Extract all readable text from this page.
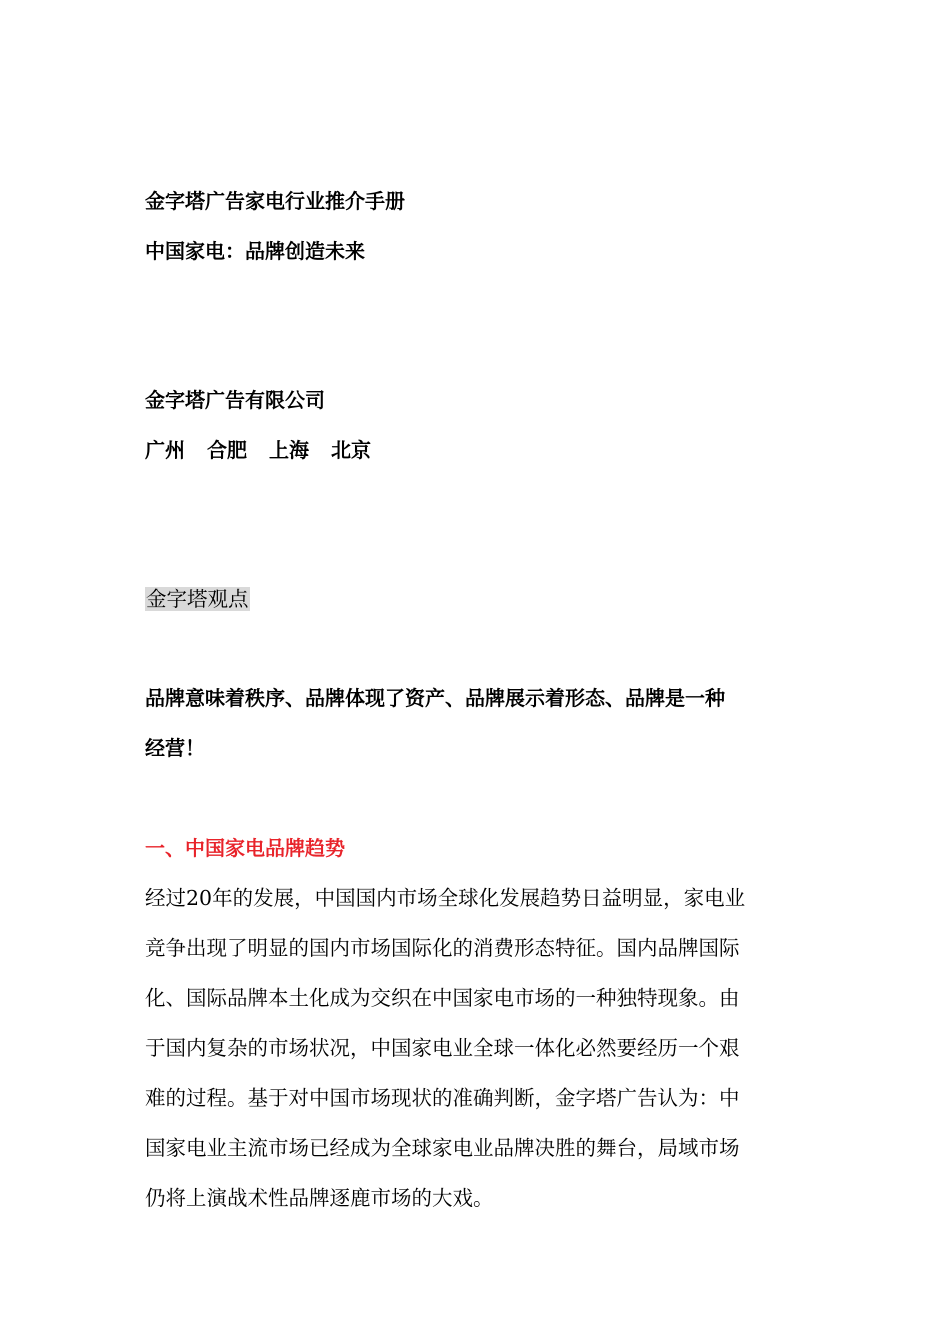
金字塔广告家电行业推介手册

中国家电：品牌创造未来

金字塔广告有限公司

广州 合肥 上海 北京

金字塔观点

品牌意味着秩序、品牌体现了资产、品牌展示着形态、品牌是一种
经营！

一、中国家电品牌趋势

经过20年的发展，中国国内市场全球化发展趋势日益明显，家电业
竞争出现了明显的国内市场国际化的消费形态特征。国内品牌国际
化、国际品牌本土化成为交织在中国家电市场的一种独特现象。由
于国内复杂的市场状况，中国家电业全球一体化必然要经历一个艰
难的过程。基于对中国市场现状的准确判断，金字塔广告认为：中
国家电业主流市场已经成为全球家电业品牌决胜的舞台，局域市场
仍将上演战术性品牌逐鹿市场的大戏。
